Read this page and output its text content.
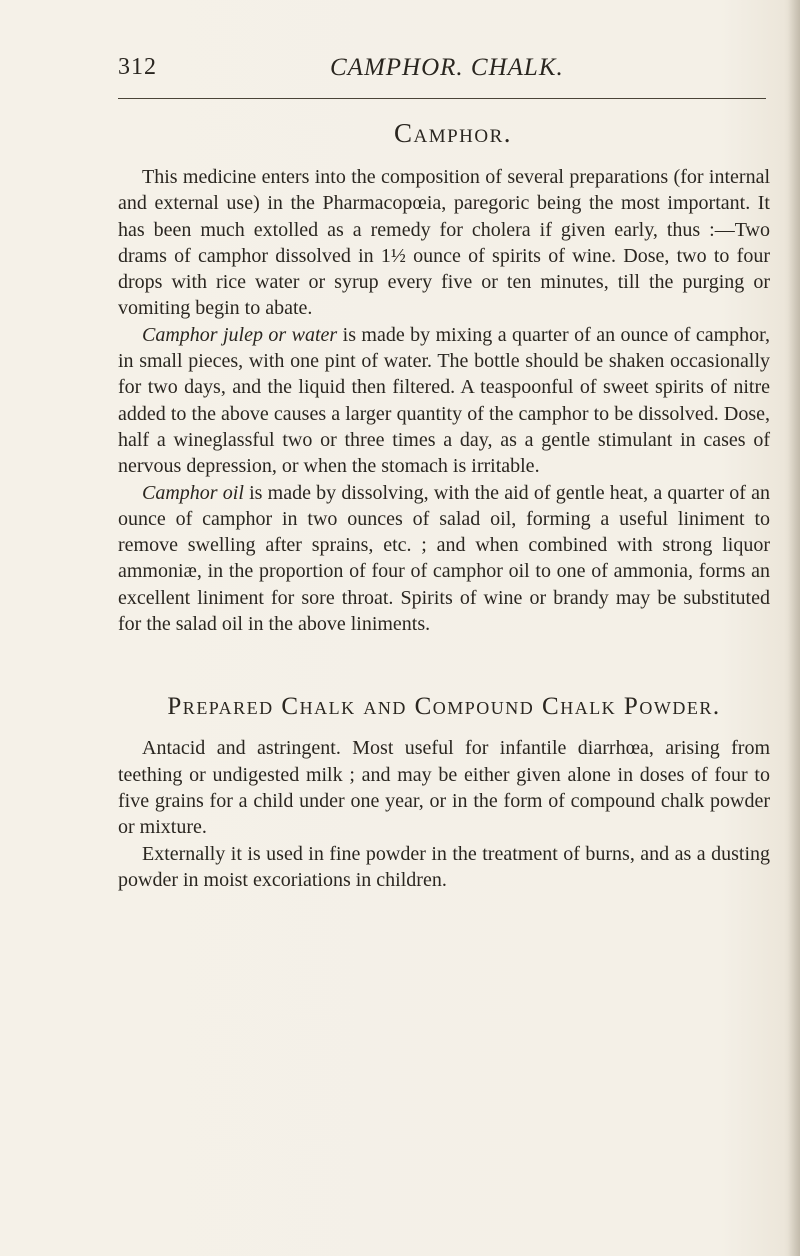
312	CAMPHOR. CHALK.
Camphor.

This medicine enters into the composition of several preparations (for internal and external use) in the Pharmacopœia, paregoric being the most important. It has been much extolled as a remedy for cholera if given early, thus :—Two drams of camphor dissolved in 1½ ounce of spirits of wine. Dose, two to four drops with rice water or syrup every five or ten minutes, till the purging or vomiting begin to abate.

Camphor julep or water is made by mixing a quarter of an ounce of camphor, in small pieces, with one pint of water. The bottle should be shaken occasionally for two days, and the liquid then filtered. A teaspoonful of sweet spirits of nitre added to the above causes a larger quantity of the camphor to be dissolved. Dose, half a wineglassful two or three times a day, as a gentle stimulant in cases of nervous depression, or when the stomach is irritable.

Camphor oil is made by dissolving, with the aid of gentle heat, a quarter of an ounce of camphor in two ounces of salad oil, forming a useful liniment to remove swelling after sprains, etc. ; and when combined with strong liquor ammoniæ, in the proportion of four of camphor oil to one of ammonia, forms an excellent liniment for sore throat. Spirits of wine or brandy may be substituted for the salad oil in the above liniments.

Prepared Chalk and Compound Chalk Powder.

Antacid and astringent. Most useful for infantile diarrhœa, arising from teething or undigested milk ; and may be either given alone in doses of four to five grains for a child under one year, or in the form of compound chalk powder or mixture.

Externally it is used in fine powder in the treatment of burns, and as a dusting powder in moist excoriations in children.
